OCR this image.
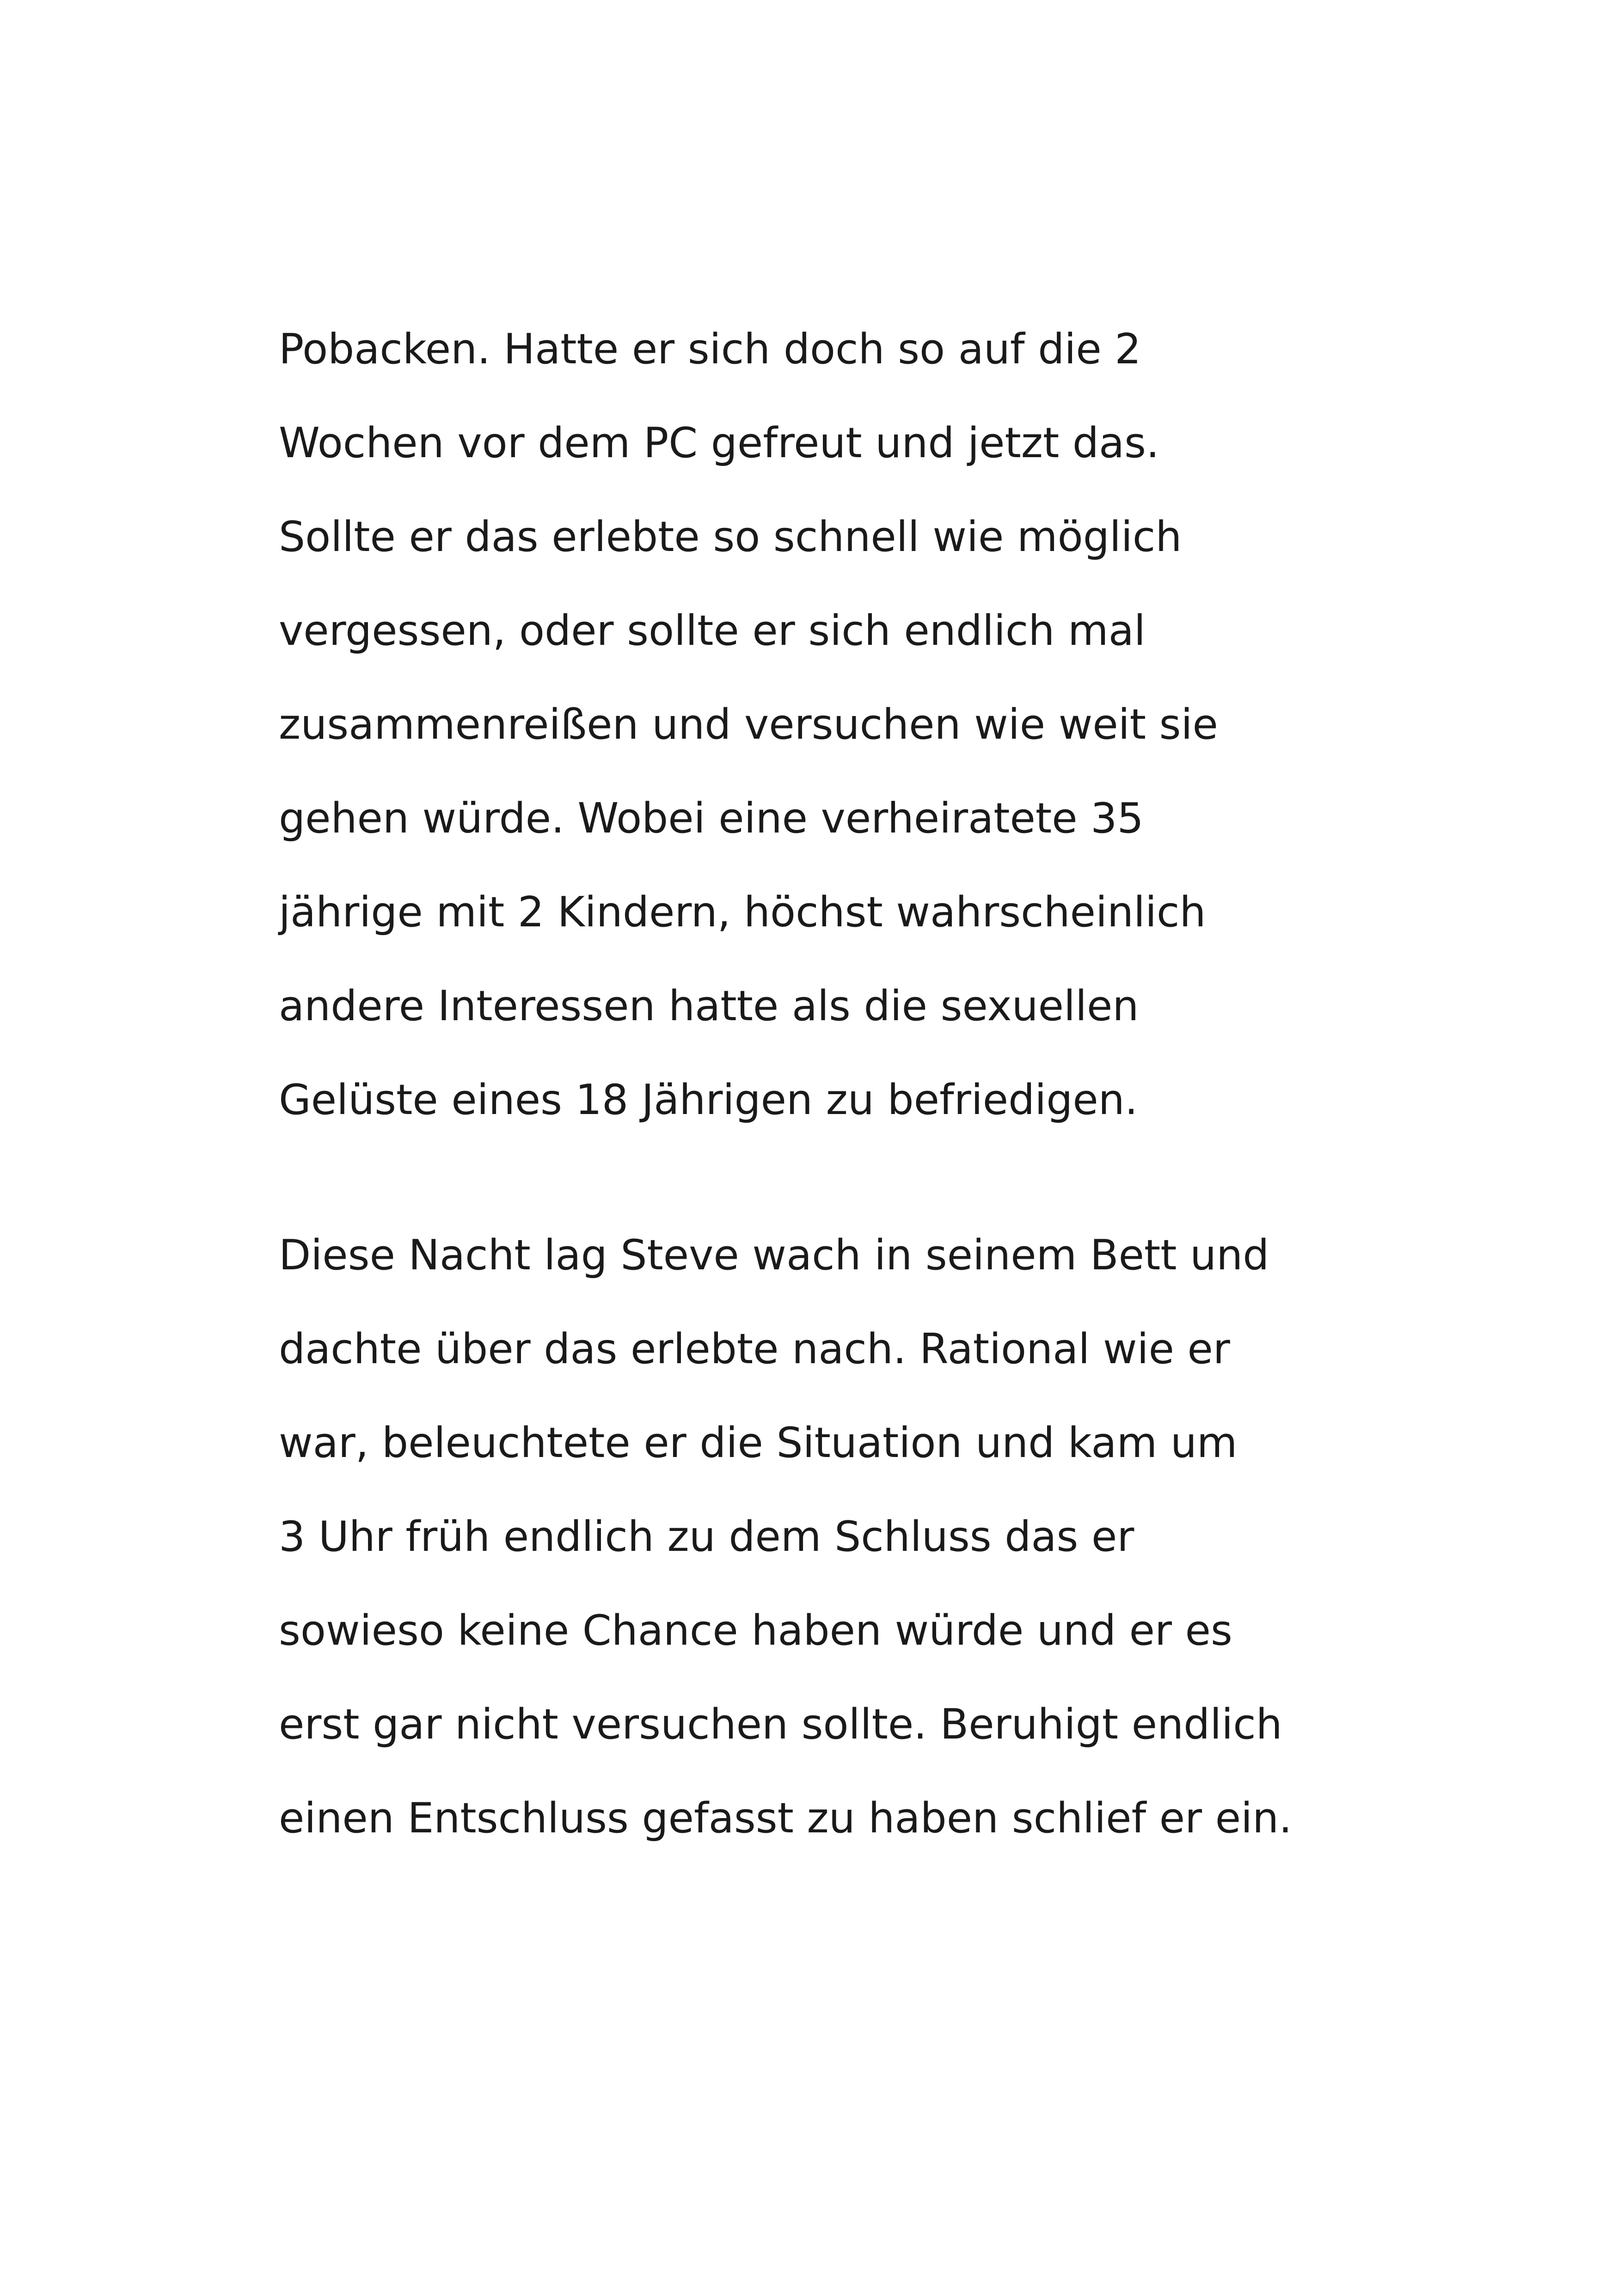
Pobacken. Hatte er sich doch so auf die 2
Wochen vor dem PC gefreut und jetzt das.
Sollte er das erlebte so schnell wie möglich
vergessen, oder sollte er sich endlich mal
zusammenreißen und versuchen wie weit sie
gehen würde. Wobei eine verheiratete 35
jährige mit 2 Kindern, höchst wahrscheinlich
andere Interessen hatte als die sexuellen
Gelüste eines 18 Jährigen zu befriedigen.
Diese Nacht lag Steve wach in seinem Bett und
dachte über das erlebte nach. Rational wie er
war, beleuchtete er die Situation und kam um
3 Uhr früh endlich zu dem Schluss das er
sowieso keine Chance haben würde und er es
erst gar nicht versuchen sollte. Beruhigt endlich
einen Entschluss gefasst zu haben schlief er ein.
